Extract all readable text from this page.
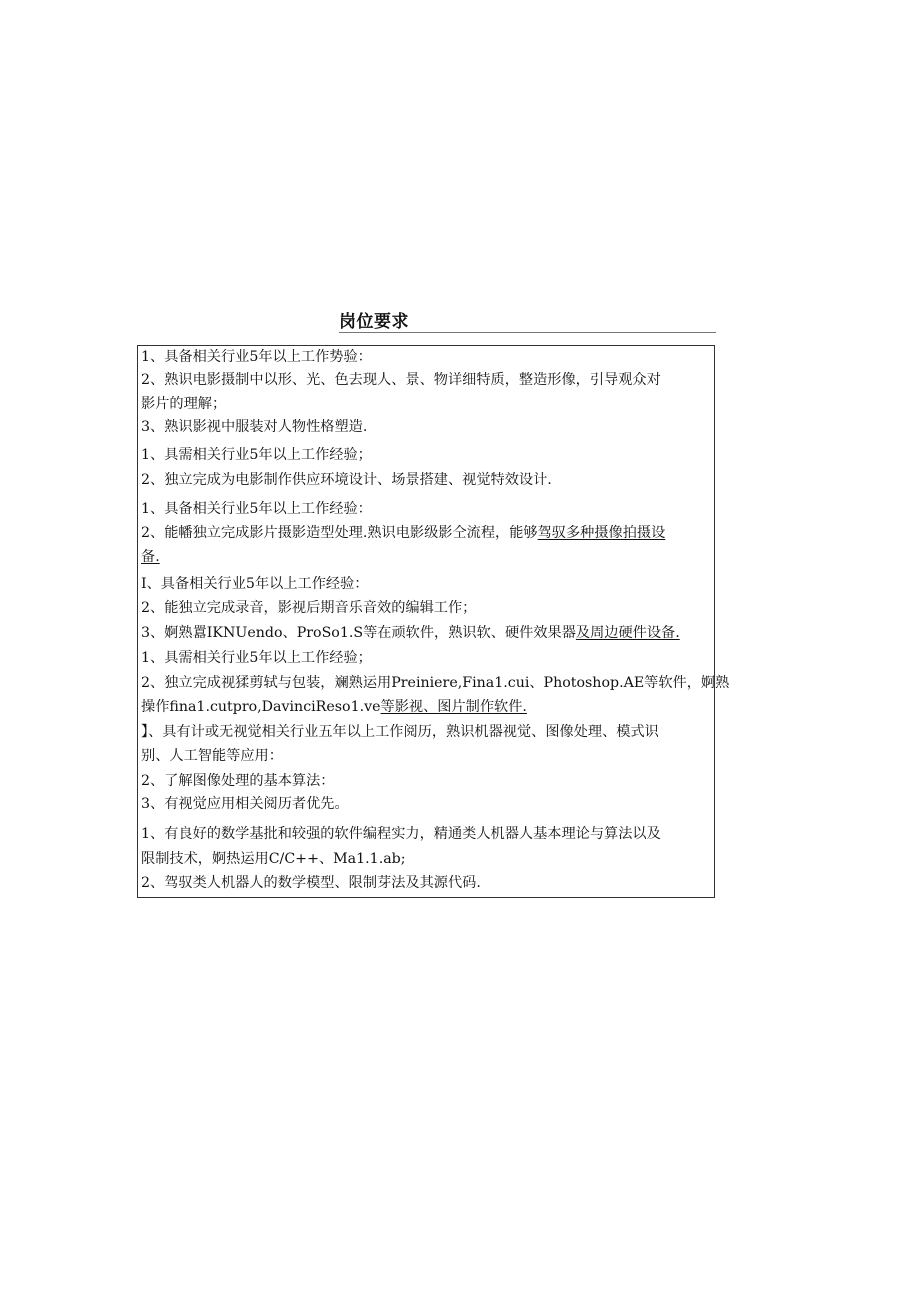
岗位要求
1、具备相关行业5年以上工作势验：
2、熟识电影摄制中以形、光、色去现人、景、物详细特质，整造形像，引导观众对
影片的理解；
3、熟识影视中服装对人物性格塑造.
1、具需相关行业5年以上工作经验；
2、独立完成为电影制作供应环境设计、场景搭建、视觉特效设计.
1、具备相关行业5年以上工作经验：
2、能幡独立完成影片摄影造型处理.熟识电影级影仝流程，能够驾驭多种摄像拍摄设
备.
I、具备相关行业5年以上工作经验：
2、能独立完成录音，影视后期音乐音效的编辑工作；
3、婀熟囂IKNUendo、ProSo1.S等在顽软件，熟识软、硬件效果器及周边硬件设备.
1、具需相关行业5年以上工作经验；
2、独立完成视猱剪轼与包装，斓熟运用Preiniere,Fina1.cui、Photoshop.AE等软件，婀熟
操作fina1.cutpro,DavinciReso1.ve等影视、图片制作软件.
】、具有计或无视觉相关行业五年以上工作阅历，熟识机器视觉、图像处理、模式识
别、人工智能等应用：
2、了解图像处理的基本算法：
3、有视觉应用相关阅历者优先。
1、有良好的数学基批和较强的软件编程实力，精通类人机器人基本理论与算法以及
限制技术，婀热运用C/C++、Ma1.1.ab;
2、驾驭类人机器人的数学模型、限制芽法及其源代码.
